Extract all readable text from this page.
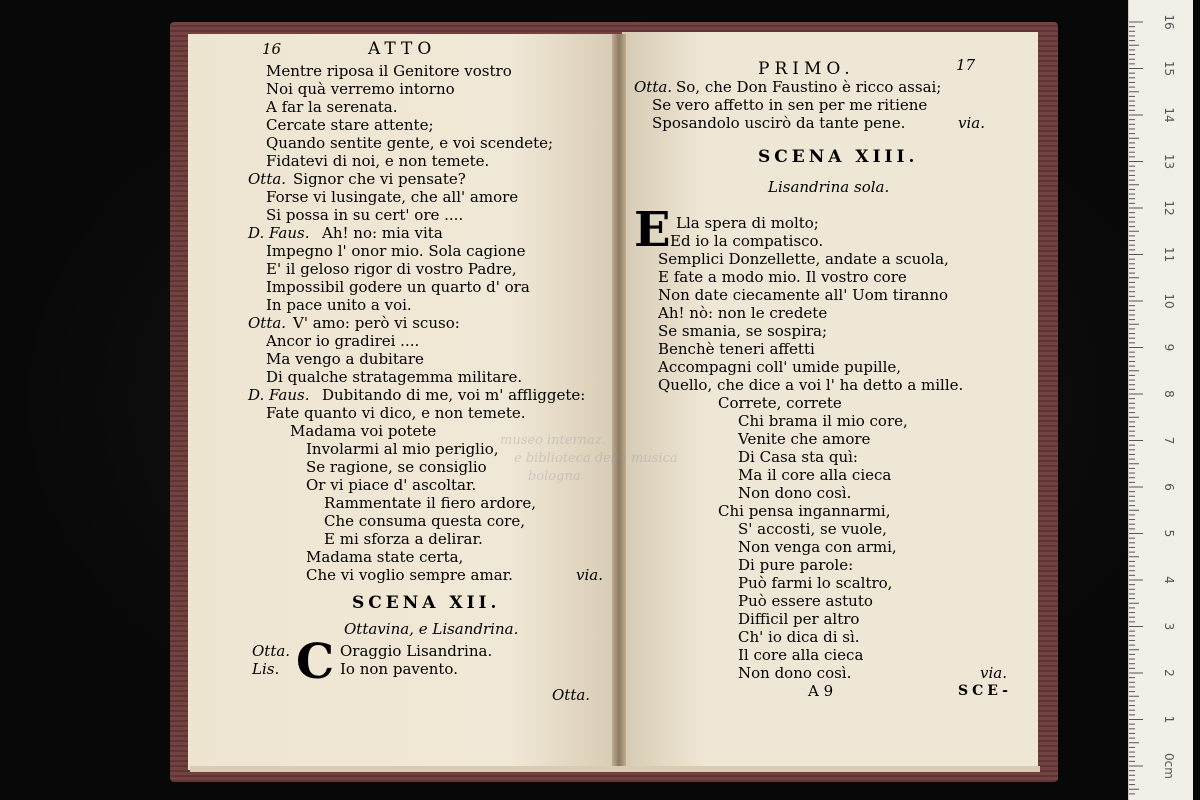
16
15
14
13
12
11
10
9
8
7
6
5
4
3
2
1
0cm
16	ATTO
PRIMO.	17
Mentre riposa il Genitore vostro
Noi quà verremo intorno
A far la serenata.
Cercate stare attente;
Quando sentite gente, e voi scendete;
Fidatevi di noi, e non temete.
Otta. Signor che vi pensate?
Forse vi lusingate, che all' amore
Si possa in su cert' ore ....
D. Faus. Ah! no: mia vita
Impegno l' onor mio. Sola cagione
E' il geloso rigor di vostro Padre,
Impossibil godere un quarto d' ora
In pace unito a voi.
Otta. V' amo: però vi scuso:
Ancor io gradirei ....
Ma vengo a dubitare
Di qualche stratagemma militare.
D. Faus. Dubitando di me, voi m' affliggete:
Fate quanto vi dico, e non temete.
Madama voi potete
Involarmi al mio periglio,
Se ragione, se consiglio
Or vi piace d' ascoltar.
Rammentate il fiero ardore,
Che consuma questa core,
E mi sforza a delirar.
Madama state certa,
Che vi voglio sempre amar.	via.
SCENA XII.
Ottavina, e Lisandrina.
C
Otta.	Oraggio Lisandrina.
Lis.	Io non pavento.
Otta.
Otta. So, che Don Faustino è ricco assai;
Se vero affetto in sen per me ritiene
Sposandolo uscirò da tante pene.	via.
SCENA XIII.
Lisandrina sola.
E Lla spera di molto;
Ed io la compatisco.
Semplici Donzellette, andate a scuola,
E fate a modo mio. Il vostro core
Non date ciecamente all' Uom tiranno
Ah! nò: non le credete
Se smania, se sospira;
Benchè teneri affetti
Accompagni coll' umide pupille,
Quello, che dice a voi l' ha detto a mille.
Correte, correte
Chi brama il mio core,
Venite che amore
Di Casa sta quì:
Ma il core alla cieca
Non dono così.
Chi pensa ingannarmi,
S' accosti, se vuole,
Non venga con armi,
Di pure parole:
Può farmi lo scaltro,
Può essere astuto
Difficil per altro
Ch' io dica di sì.
Il core alla cieca
Non dono così.	via.
A 9	SCE-
museo internaz.
e biblioteca della musica
bologna
